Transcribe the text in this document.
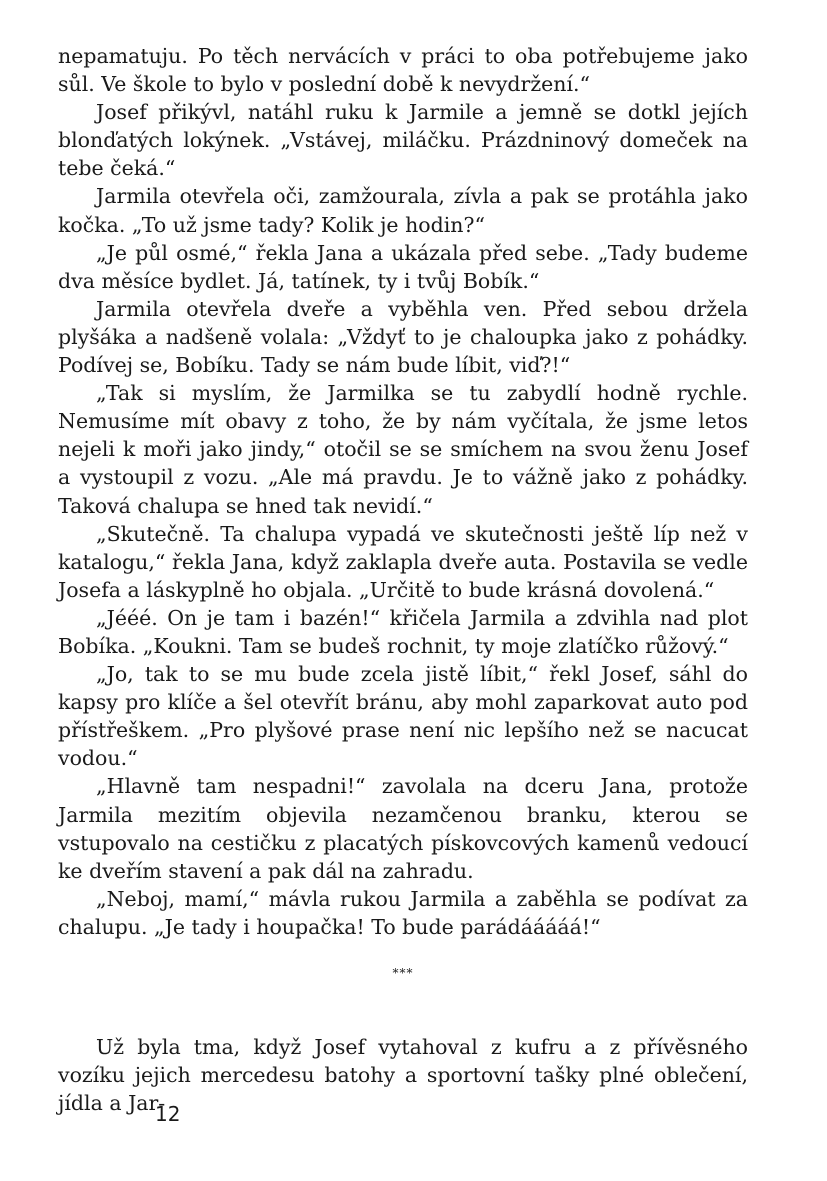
nepamatuju. Po těch nervácích v práci to oba potřebujeme jako sůl. Ve škole to bylo v poslední době k nevydržení.“

Josef přikývl, natáhl ruku k Jarmile a jemně se dotkl jejích blonďatých lokýnek. „Vstávej, miláčku. Prázdninový domeček na tebe čeká.“

Jarmila otevřela oči, zamžourala, zívla a pak se protáhla jako kočka. „To už jsme tady? Kolik je hodin?“

„Je půl osmé,“ řekla Jana a ukázala před sebe. „Tady budeme dva měsíce bydlet. Já, tatínek, ty i tvůj Bobík.“

Jarmila otevřela dveře a vyběhla ven. Před sebou držela plyšáka a nadšeně volala: „Vždyť to je chaloupka jako z pohádky. Podívej se, Bobíku. Tady se nám bude líbit, viď?!“

„Tak si myslím, že Jarmilka se tu zabydlí hodně rychle. Nemusíme mít obavy z toho, že by nám vyčítala, že jsme letos nejeli k moři jako jindy,“ otočil se se smíchem na svou ženu Josef a vystoupil z vozu. „Ale má pravdu. Je to vážně jako z pohádky. Taková chalupa se hned tak nevidí.“

„Skutečně. Ta chalupa vypadá ve skutečnosti ještě líp než v katalogu,“ řekla Jana, když zaklapla dveře auta. Postavila se vedle Josefa a láskyplně ho objala. „Určitě to bude krásná dovolená.“

„Jééé. On je tam i bazén!“ křičela Jarmila a zdvihla nad plot Bobíka. „Koukni. Tam se budeš rochnit, ty moje zlatíčko růžový.“

„Jo, tak to se mu bude zcela jistě líbit,“ řekl Josef, sáhl do kapsy pro klíče a šel otevřít bránu, aby mohl zaparkovat auto pod přístřeškem. „Pro plyšové prase není nic lepšího než se nacucat vodou.“

„Hlavně tam nespadni!“ zavolala na dceru Jana, protože Jarmila mezitím objevila nezamčenou branku, kterou se vstupovalo na cestičku z placatých pískovcových kamenů vedoucí ke dveřím stavení a pak dál na zahradu.

„Neboj, mamí,“ mávla rukou Jarmila a zaběhla se podívat za chalupu. „Je tady i houpačka! To bude parádááááá!“

***

Už byla tma, když Josef vytahoval z kufru a z přívěsného vozíku jejich mercedesu batohy a sportovní tašky plné oblečení, jídla a Jar-

12
